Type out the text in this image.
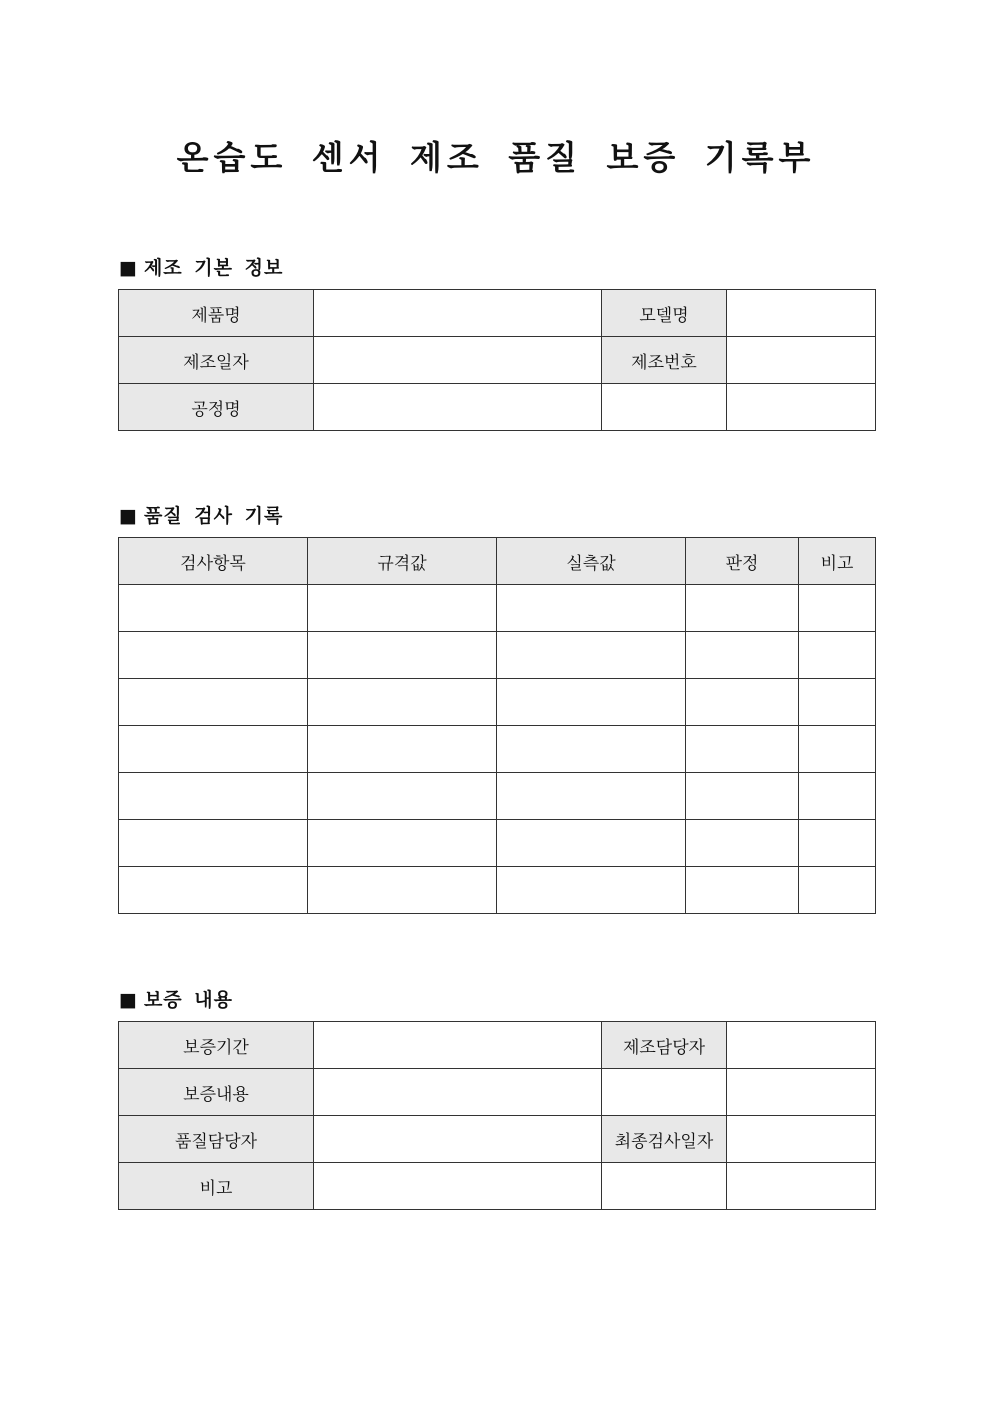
온습도 센서 제조 품질 보증 기록부
■ 제조 기본 정보
제품명		모델명	
제조일자		제조번호	
공정명			
■ 품질 검사 기록
검사항목	규격값	실측값	판정	비고

■ 보증 내용
보증기간		제조담당자	
보증내용			
품질담당자		최종검사일자	
비고			
